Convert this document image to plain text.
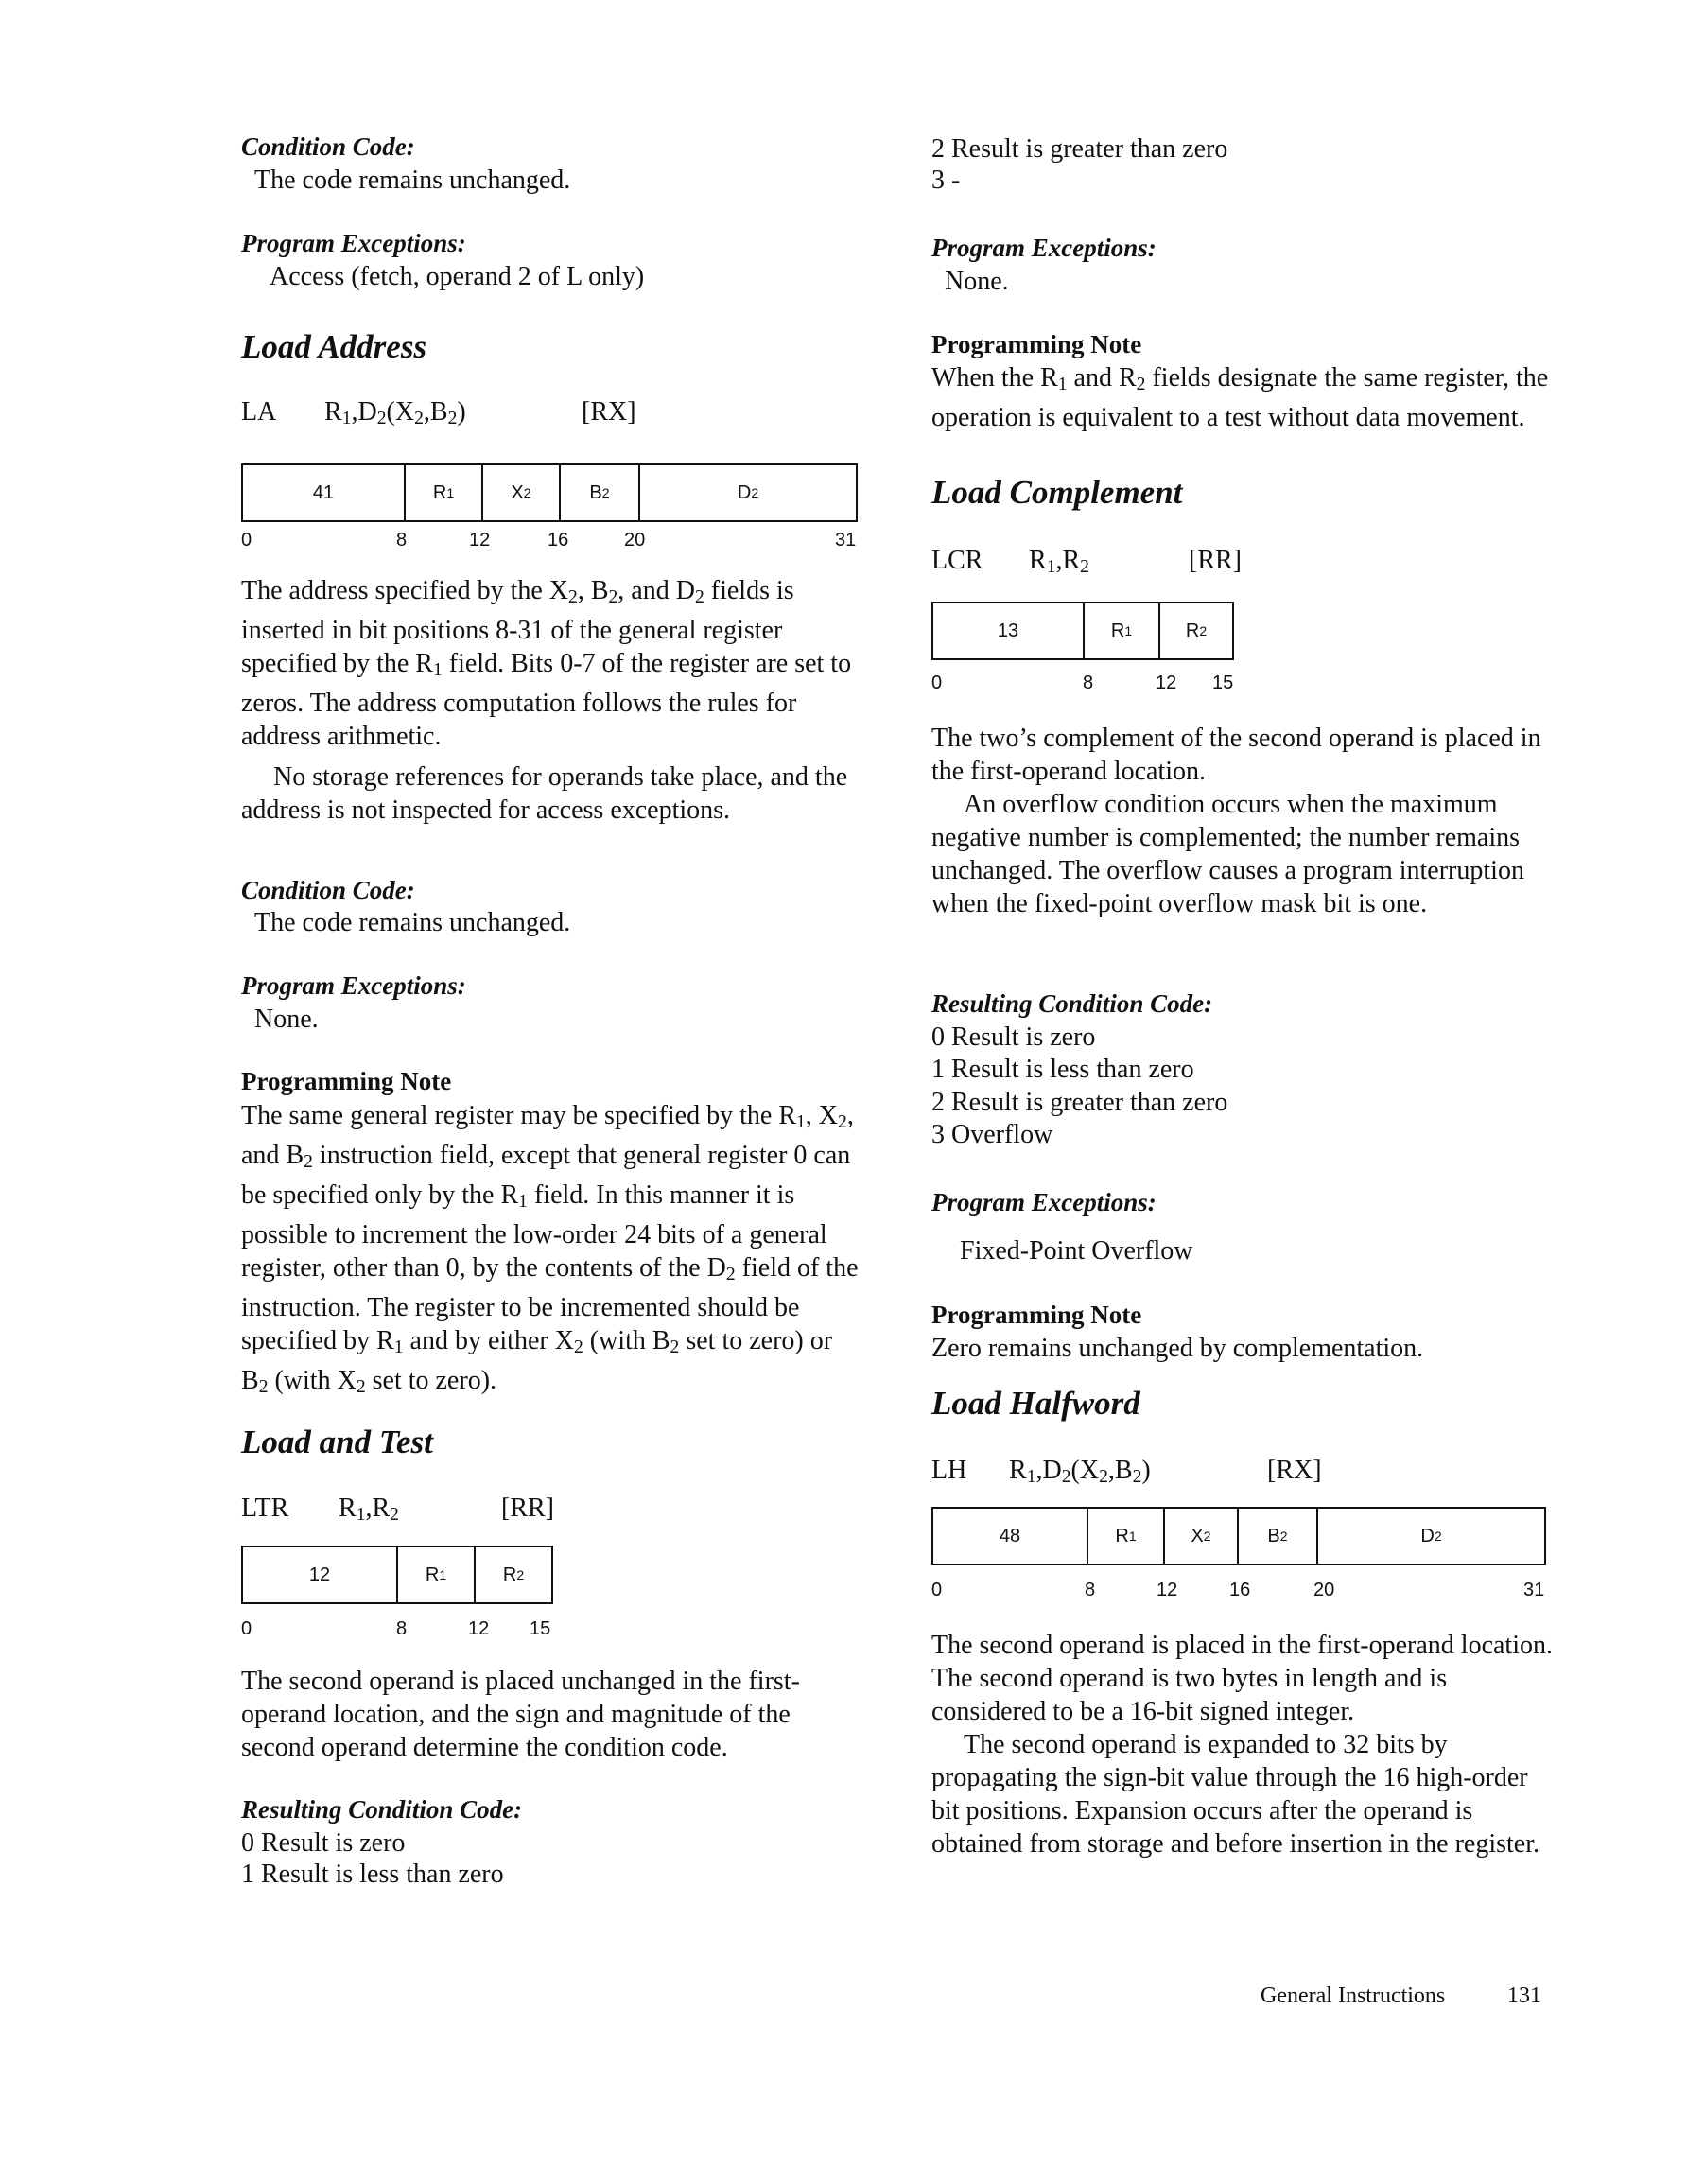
Condition Code:
The code remains unchanged.
Program Exceptions:
Access (fetch, operand 2 of L only)
Load Address
LA $R_1,D_2(X_2,B_2)$	[RX]
41	R 1	X 2	B 2	D 2
0	8	12	16	20	31

The address specified by the $X_2$, $B_2$, and $D_2$ fields is inserted in bit positions 8-31 of the general register specified by the $R_1$ field. Bits 0-7 of the register are set to zeros. The address computation follows the rules for address arithmetic.

No storage references for operands take place, and the address is not inspected for access exceptions.

Condition Code:
The code remains unchanged.
Program Exceptions:
None.
Programming Note
The same general register may be specified by the $R_1$, $X_2$, and $B_2$ instruction field, except that general register 0 can be specified only by the $R_1$ field. In this manner it is possible to increment the low-order 24 bits of a general register, other than 0, by the contents of the $D_2$ field of the instruction. The register to be incremented should be specified by $R_1$ and by either $X_2$ (with $B_2$ set to zero) or $B_2$ (with $X_2$ set to zero).
Load and Test
LTR $R_1,R_2$	[RR]
12	R 1	R 2
0	8	12 15
The second operand is placed unchanged in the first-operand location, and the sign and magnitude of the second operand determine the condition code.
Resulting Condition Code:
0 Result is zero
1 Result is less than zero
2 Result is greater than zero
3 -
Program Exceptions:
None.
Programming Note
When the $R_1$ and $R_2$ fields designate the same register, the operation is equivalent to a test without data movement.
Load Complement
LCR $R_1,R_2$	[RR]
13	R 1	R 2
0	8	12 15

The two’s complement of the second operand is placed in the first-operand location.

An overflow condition occurs when the maximum negative number is complemented; the number remains unchanged. The overflow causes a program interruption when the fixed-point overflow mask bit is one.

Resulting Condition Code:
0 Result is zero
1 Result is less than zero
2 Result is greater than zero
3 Overflow
Program Exceptions:
Fixed-Point Overflow
Programming Note
Zero remains unchanged by complementation.
Load Halfword
LH $R_1,D_2(X_2,B_2)$	[RX]
48	R 1	X 2	B 2	D 2
0	8	12	16	20	31

The second operand is placed in the first-operand location. The second operand is two bytes in length and is considered to be a 16-bit signed integer.

The second operand is expanded to 32 bits by propagating the sign-bit value through the 16 high-order bit positions. Expansion occurs after the operand is obtained from storage and before insertion in the register.

General Instructions	131
